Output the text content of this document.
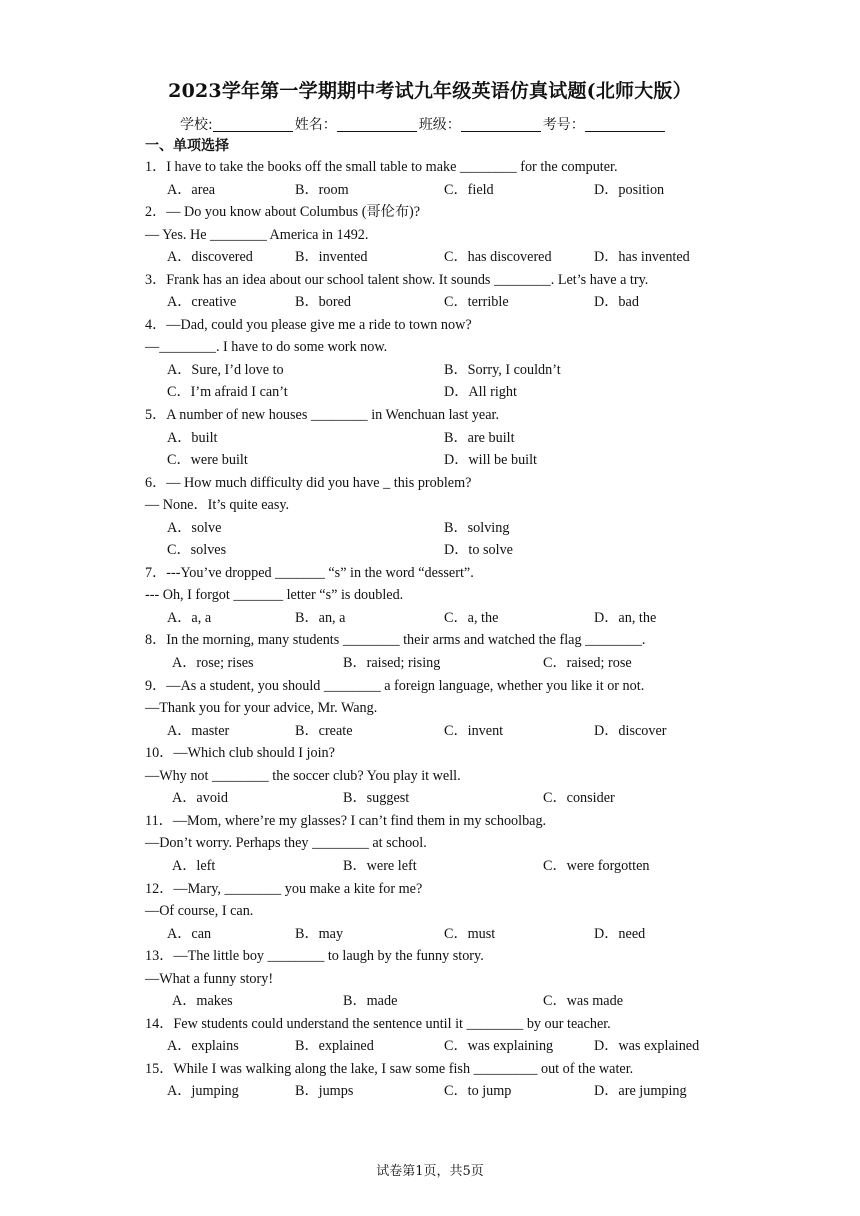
2023学年第一学期期中考试九年级英语仿真试题(北师大版）
学校:	姓名：	班级：	考号：
一、单项选择
1．I have to take the books off the small table to make ________ for the computer.
A．area	B．room	C．field	D．position
2．— Do you know about Columbus (哥伦布)?
— Yes. He ________ America in 1492.
A．discovered	B．invented	C．has discovered	D．has invented
3．Frank has an idea about our school talent show. It sounds ________. Let’s have a try.
A．creative	B．bored	C．terrible	D．bad
4．—Dad, could you please give me a ride to town now?
—________. I have to do some work now.
A．Sure, I’d love to	B．Sorry, I couldn’t
C．I’m afraid I can’t	D．All right
5．A number of new houses ________ in Wenchuan last year.
A．built	B．are built
C．were built	D．will be built
6．— How much difficulty did you have _ this problem?
— None．It’s quite easy.
A．solve	B．solving
C．solves	D．to solve
7．---You’ve dropped _______ “s” in the word “dessert”.
--- Oh, I forgot _______ letter “s” is doubled.
A．a, a	B．an, a	C．a, the	D．an, the
8．In the morning, many students ________ their arms and watched the flag ________.
A．rose; rises	B．raised; rising	C．raised; rose
9．—As a student, you should ________ a foreign language, whether you like it or not.
—Thank you for your advice, Mr. Wang.
A．master	B．create	C．invent	D．discover
10．—Which club should I join?
—Why not ________ the soccer club? You play it well.
A．avoid	B．suggest	C．consider
11．—Mom, where’re my glasses? I can’t find them in my schoolbag.
—Don’t worry. Perhaps they ________ at school.
A．left	B．were left	C．were forgotten
12．—Mary, ________ you make a kite for me?
—Of course, I can.
A．can	B．may	C．must	D．need
13．—The little boy ________ to laugh by the funny story.
—What a funny story!
A．makes	B．made	C．was made
14．Few students could understand the sentence until it ________ by our teacher.
A．explains	B．explained	C．was explaining	D．was explained
15．While I was walking along the lake, I saw some fish _________ out of the water.
A．jumping	B．jumps	C．to jump	D．are jumping
试卷第1页，共5页
